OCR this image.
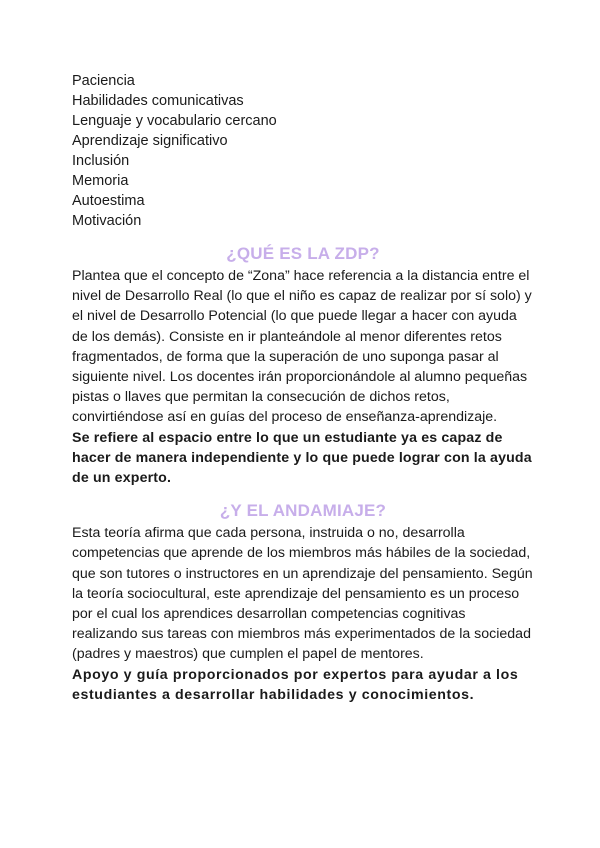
Paciencia
Habilidades comunicativas
Lenguaje y vocabulario cercano
Aprendizaje significativo
Inclusión
Memoria
Autoestima
Motivación
¿QUÉ ES LA ZDP?

Plantea que el concepto de “Zona” hace referencia a la distancia entre el nivel de Desarrollo Real (lo que el niño es capaz de realizar por sí solo) y el nivel de Desarrollo Potencial (lo que puede llegar a hacer con ayuda de los demás). Consiste en ir planteándole al menor diferentes retos fragmentados, de forma que la superación de uno suponga pasar al siguiente nivel. Los docentes irán proporcionándole al alumno pequeñas pistas o llaves que permitan la consecución de dichos retos, convirtiéndose así en guías del proceso de enseñanza-aprendizaje.

Se refiere al espacio entre lo que un estudiante ya es capaz de hacer de manera independiente y lo que puede lograr con la ayuda de un experto.

¿Y EL ANDAMIAJE?

Esta teoría afirma que cada persona, instruida o no, desarrolla competencias que aprende de los miembros más hábiles de la sociedad, que son tutores o instructores en un aprendizaje del pensamiento. Según la teoría sociocultural, este aprendizaje del pensamiento es un proceso por el cual los aprendices desarrollan competencias cognitivas realizando sus tareas con miembros más experimentados de la sociedad (padres y maestros) que cumplen el papel de mentores.

Apoyo y guía proporcionados por expertos para ayudar a los estudiantes a desarrollar habilidades y conocimientos.
